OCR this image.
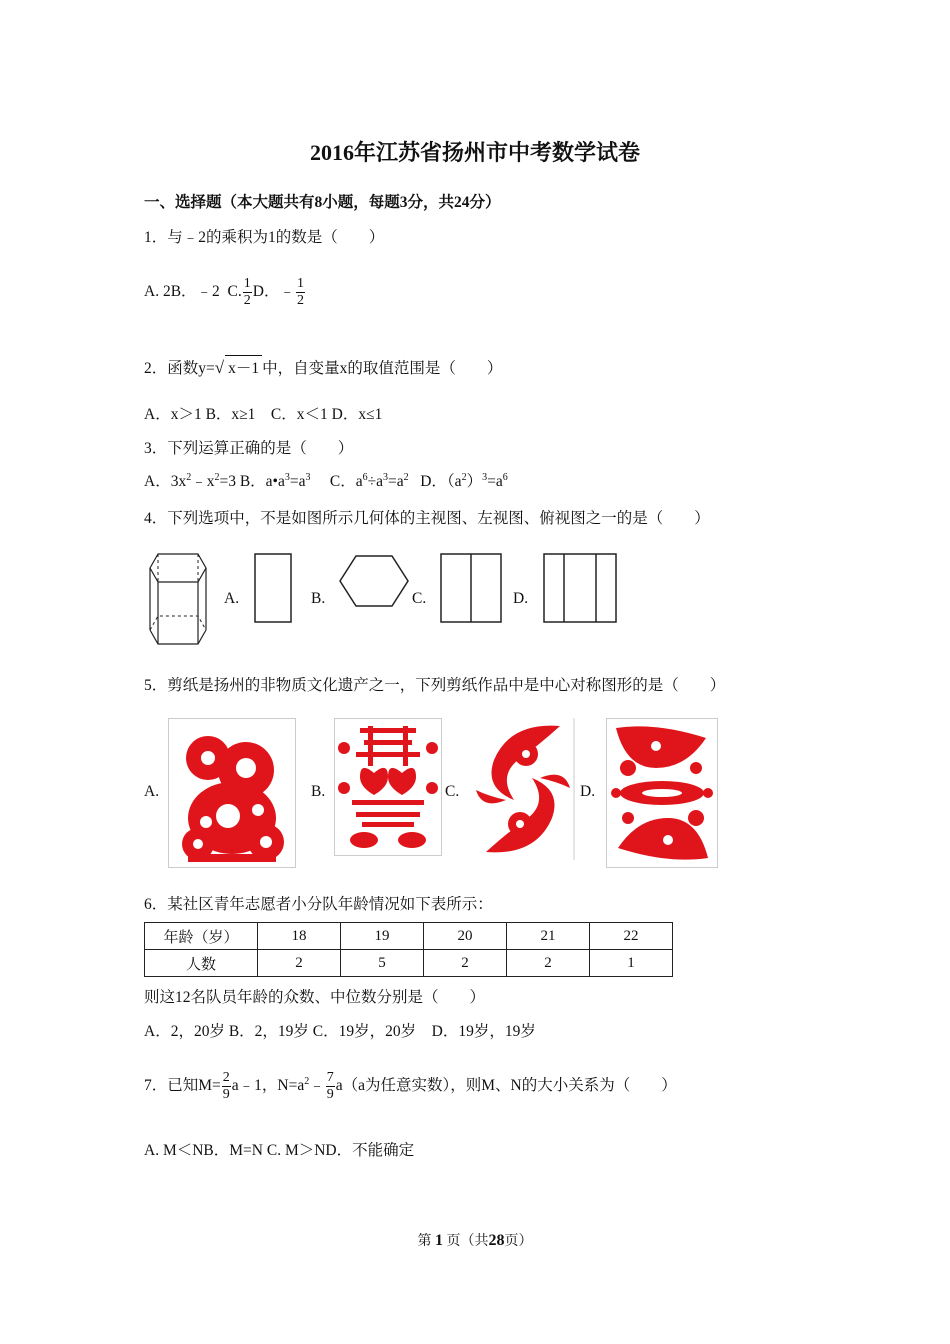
2016年江苏省扬州市中考数学试卷
一、选择题（本大题共有8小题，每题3分，共24分）
1．与﹣2的乘积为1的数是（　　）
A. 2B．﹣2 C. $\frac{1}{2}$ D．﹣ $\frac{1}{2}$
2．函数y=√ x－1 中，自变量x的取值范围是（　　）
A．x＞1 B．x≥1　C．x＜1 D．x≤1
3．下列运算正确的是（　　）
A．$3x^2﹣x^2=3$ B．$a•a^3=a^3$     C．$a^6\div a^3=a^2$   D．$(a^2)^3=a^6$
4．下列选项中，不是如图所示几何体的主视图、左视图、俯视图之一的是（　　）
A.	B.	C.	D.
5．剪纸是扬州的非物质文化遗产之一，下列剪纸作品中是中心对称图形的是（　　）
A.	B.	C.	D.
6．某社区青年志愿者小分队年龄情况如下表所示：
年龄（岁）	18	19	20	21	22
人数	2	5	2	2	1
则这12名队员年龄的众数、中位数分别是（　　）
A．2，20岁 B．2，19岁 C．19岁，20岁　D．19岁，19岁
7．已知$M= \frac{2}{9}$ a﹣1，$N=a^2﹣ \frac{7}{9} a(a$为任意实数），则M、N的大小关系为（　　）
A. M＜NB．M=N C. M＞ND．不能确定
第 1 页（共28页）
